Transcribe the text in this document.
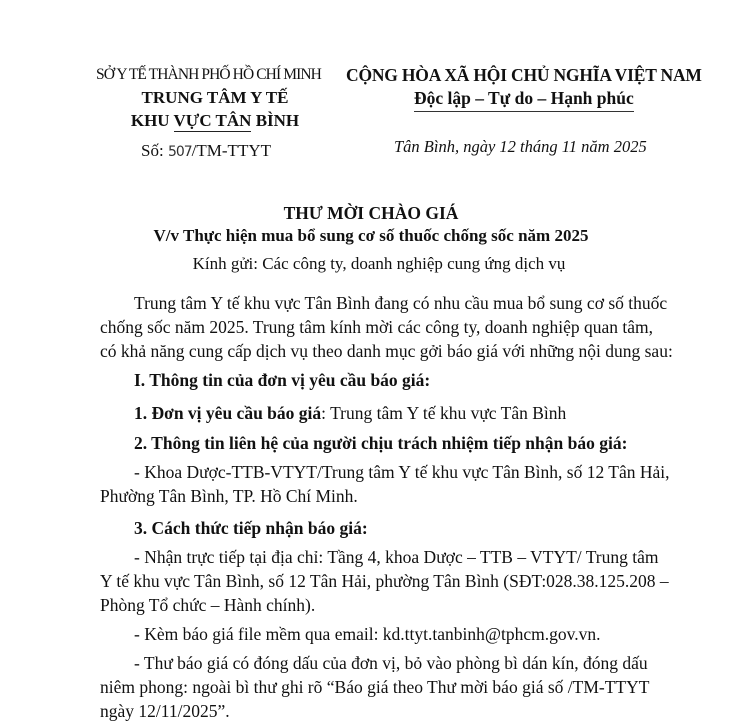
SỞ Y TẾ THÀNH PHỐ HỒ CHÍ MINH
TRUNG TÂM Y TẾ
KHU VỰC TÂN BÌNH
Số: 507/TM-TTYT
CỘNG HÒA XÃ HỘI CHỦ NGHĨA VIỆT NAM
Độc lập – Tự do – Hạnh phúc
Tân Bình, ngày 12 tháng 11 năm 2025
THƯ MỜI CHÀO GIÁ
V/v Thực hiện mua bổ sung cơ số thuốc chống sốc năm 2025
Kính gửi: Các công ty, doanh nghiệp cung ứng dịch vụ
Trung tâm Y tế khu vực Tân Bình đang có nhu cầu mua bổ sung cơ số thuốc
chống sốc năm 2025. Trung tâm kính mời các công ty, doanh nghiệp quan tâm,
có khả năng cung cấp dịch vụ theo danh mục gởi báo giá với những nội dung sau:
I. Thông tin của đơn vị yêu cầu báo giá:
1. Đơn vị yêu cầu báo giá: Trung tâm Y tế khu vực Tân Bình
2. Thông tin liên hệ của người chịu trách nhiệm tiếp nhận báo giá:
- Khoa Dược-TTB-VTYT/Trung tâm Y tế khu vực Tân Bình, số 12 Tân Hải,
Phường Tân Bình, TP. Hồ Chí Minh.
3. Cách thức tiếp nhận báo giá:
- Nhận trực tiếp tại địa chỉ: Tầng 4, khoa Dược – TTB – VTYT/ Trung tâm
Y tế khu vực Tân Bình, số 12 Tân Hải, phường Tân Bình (SĐT:028.38.125.208 –
Phòng Tổ chức – Hành chính).
- Kèm báo giá file mềm qua email: kd.ttyt.tanbinh@tphcm.gov.vn.
- Thư báo giá có đóng dấu của đơn vị, bỏ vào phòng bì dán kín, đóng dấu
niêm phong: ngoài bì thư ghi rõ “Báo giá theo Thư mời báo giá số /TM-TTYT
ngày 12/11/2025”.
